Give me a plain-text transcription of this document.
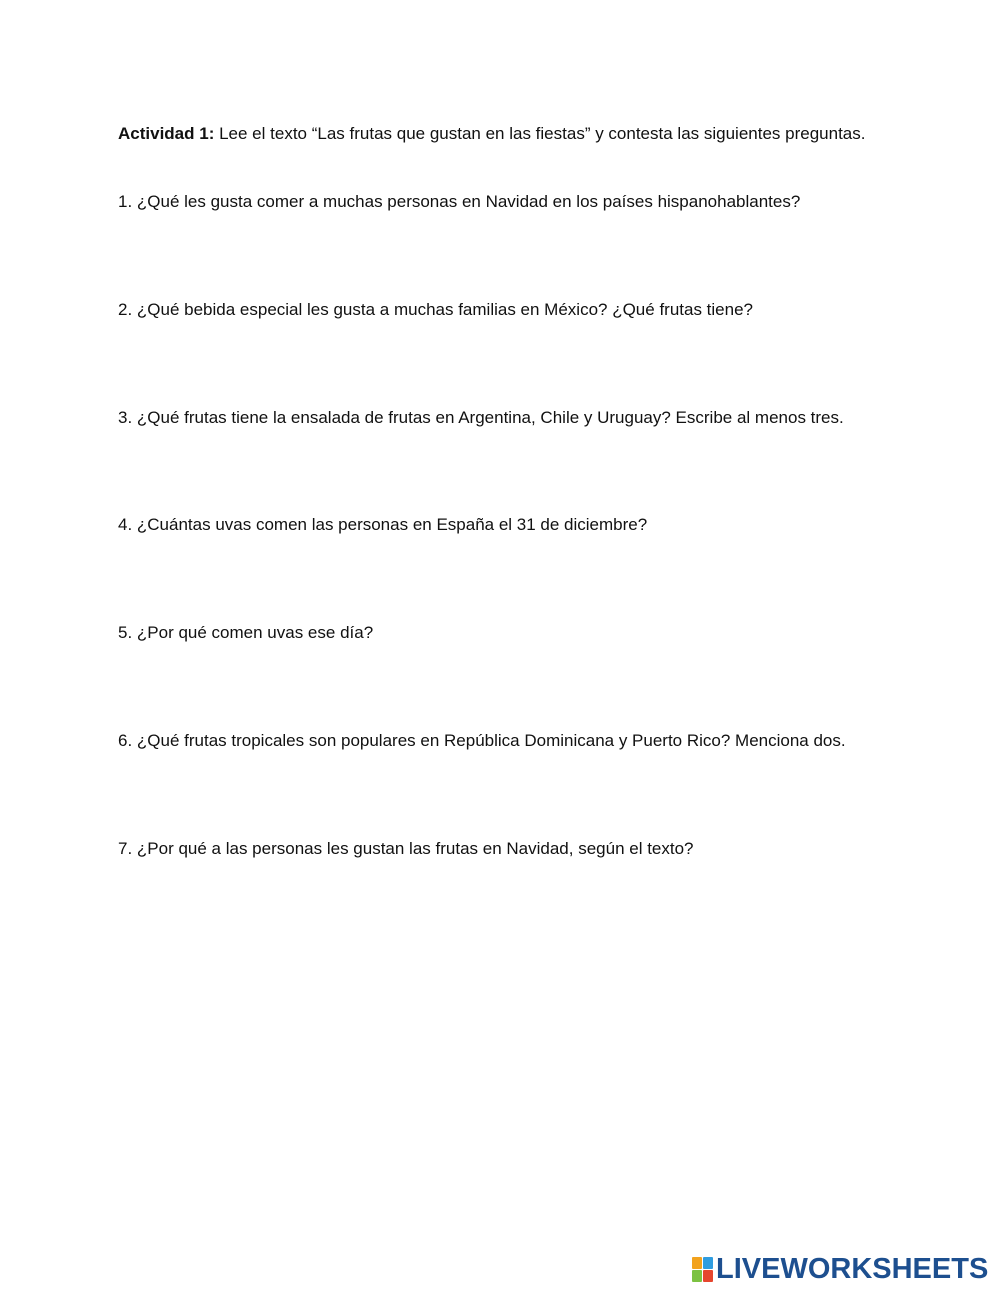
Actividad 1: Lee el texto “Las frutas que gustan en las fiestas” y contesta las siguientes preguntas.
1. ¿Qué les gusta comer a muchas personas en Navidad en los países hispanohablantes?
2. ¿Qué bebida especial les gusta a muchas familias en México? ¿Qué frutas tiene?
3. ¿Qué frutas tiene la ensalada de frutas en Argentina, Chile y Uruguay? Escribe al menos tres.
4. ¿Cuántas uvas comen las personas en España el 31 de diciembre?
5. ¿Por qué comen uvas ese día?
6. ¿Qué frutas tropicales son populares en República Dominicana y Puerto Rico? Menciona dos.
7. ¿Por qué a las personas les gustan las frutas en Navidad, según el texto?
LIVEWORKSHEETS
